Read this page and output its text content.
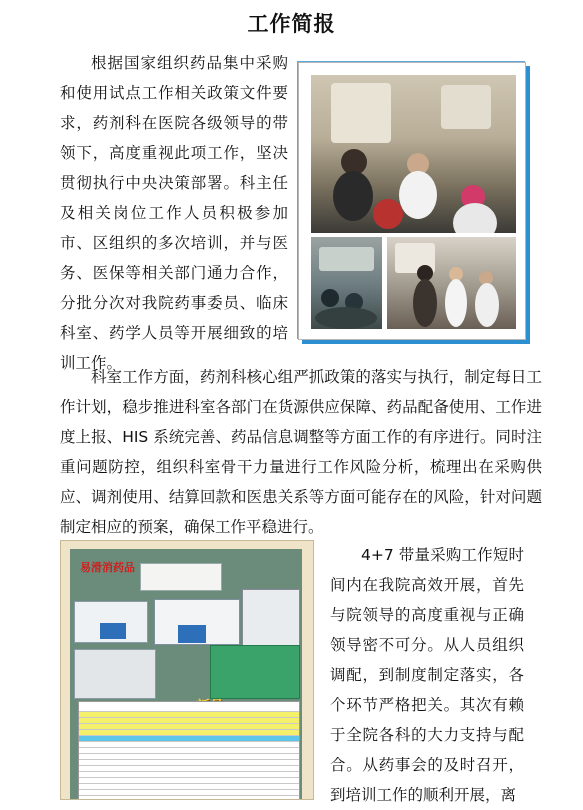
工作简报

根据国家组织药品集中采购和使用试点工作相关政策文件要求，药剂科在医院各级领导的带领下，高度重视此项工作，坚决贯彻执行中央决策部署。科主任及相关岗位工作人员积极参加市、区组织的多次培训，并与医务、医保等相关部门通力合作，分批分次对我院药事委员、临床科室、药学人员等开展细致的培训工作。

科室工作方面，药剂科核心组严抓政策的落实与执行，制定每日工作计划，稳步推进科室各部门在货源供应保障、药品配备使用、工作进度上报、HIS 系统完善、药品信息调整等方面工作的有序进行。同时注重问题防控，组织科室骨干力量进行工作风险分析，梳理出在采购供应、调剂使用、结算回款和医患关系等方面可能存在的风险，针对问题制定相应的预案，确保工作平稳进行。

易滑消药品

4+7 带量采购工作短时间内在我院高效开展，首先与院领导的高度重视与正确领导密不可分。从人员组织调配，到制度制定落实，各个环节严格把关。其次有赖于全院各科的大力支持与配合。从药事会的及时召开，到培训工作的顺利开展，离
